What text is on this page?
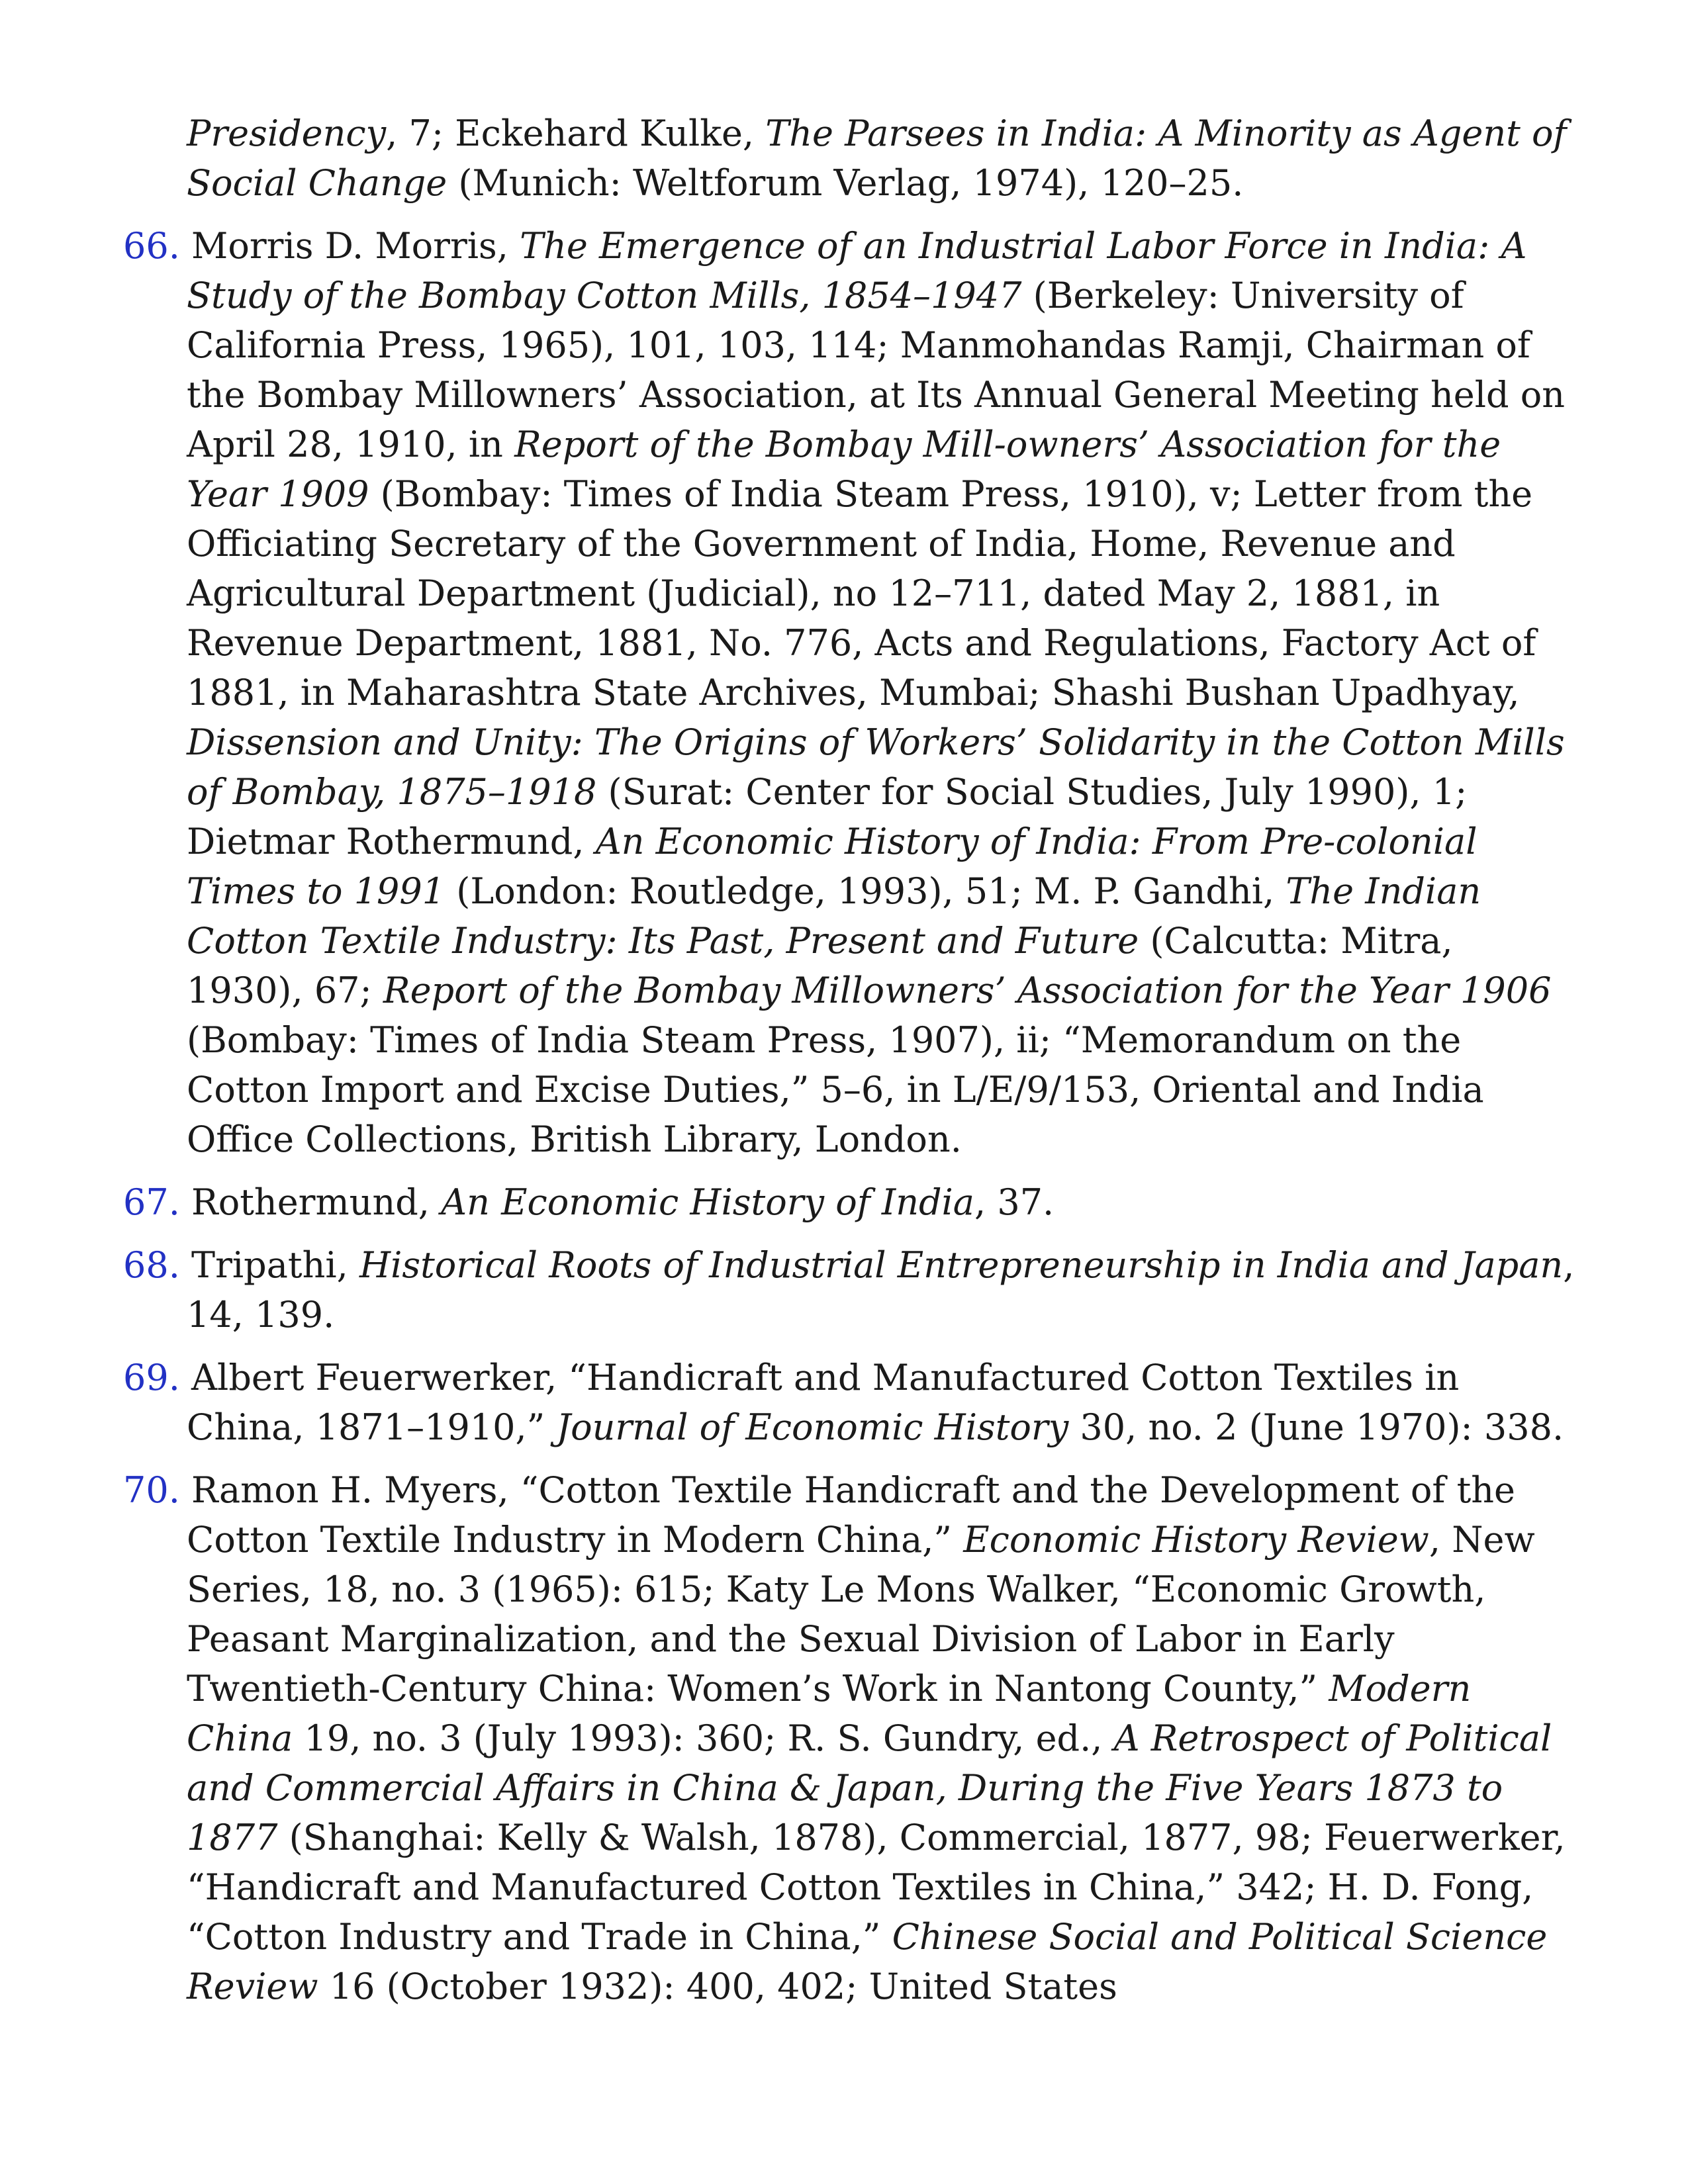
Presidency, 7; Eckehard Kulke, The Parsees in India: A Minority as Agent of Social Change (Munich: Weltforum Verlag, 1974), 120–25.

66. Morris D. Morris, The Emergence of an Industrial Labor Force in India: A Study of the Bombay Cotton Mills, 1854–1947 (Berkeley: University of California Press, 1965), 101, 103, 114; Manmohandas Ramji, Chairman of the Bombay Millowners’ Association, at Its Annual General Meeting held on April 28, 1910, in Report of the Bombay Mill-owners’ Association for the Year 1909 (Bombay: Times of India Steam Press, 1910), v; Letter from the Officiating Secretary of the Government of India, Home, Revenue and Agricultural Department (Judicial), no 12–711, dated May 2, 1881, in Revenue Department, 1881, No. 776, Acts and Regulations, Factory Act of 1881, in Maharashtra State Archives, Mumbai; Shashi Bushan Upadhyay, Dissension and Unity: The Origins of Workers’ Solidarity in the Cotton Mills of Bombay, 1875–1918 (Surat: Center for Social Studies, July 1990), 1; Dietmar Rothermund, An Economic History of India: From Pre-colonial Times to 1991 (London: Routledge, 1993), 51; M. P. Gandhi, The Indian Cotton Textile Industry: Its Past, Present and Future (Calcutta: Mitra, 1930), 67; Report of the Bombay Millowners’ Association for the Year 1906 (Bombay: Times of India Steam Press, 1907), ii; “Memorandum on the Cotton Import and Excise Duties,” 5–6, in L/E/9/153, Oriental and India Office Collections, British Library, London.

67. Rothermund, An Economic History of India, 37.

68. Tripathi, Historical Roots of Industrial Entrepreneurship in India and Japan, 14, 139.

69. Albert Feuerwerker, “Handicraft and Manufactured Cotton Textiles in China, 1871–1910,” Journal of Economic History 30, no. 2 (June 1970): 338.

70. Ramon H. Myers, “Cotton Textile Handicraft and the Development of the Cotton Textile Industry in Modern China,” Economic History Review, New Series, 18, no. 3 (1965): 615; Katy Le Mons Walker, “Economic Growth, Peasant Marginalization, and the Sexual Division of Labor in Early Twentieth-Century China: Women’s Work in Nantong County,” Modern China 19, no. 3 (July 1993): 360; R. S. Gundry, ed., A Retrospect of Political and Commercial Affairs in China & Japan, During the Five Years 1873 to 1877 (Shanghai: Kelly & Walsh, 1878), Commercial, 1877, 98; Feuerwerker, “Handicraft and Manufactured Cotton Textiles in China,” 342; H. D. Fong, “Cotton Industry and Trade in China,” Chinese Social and Political Science Review 16 (October 1932): 400, 402; United States
